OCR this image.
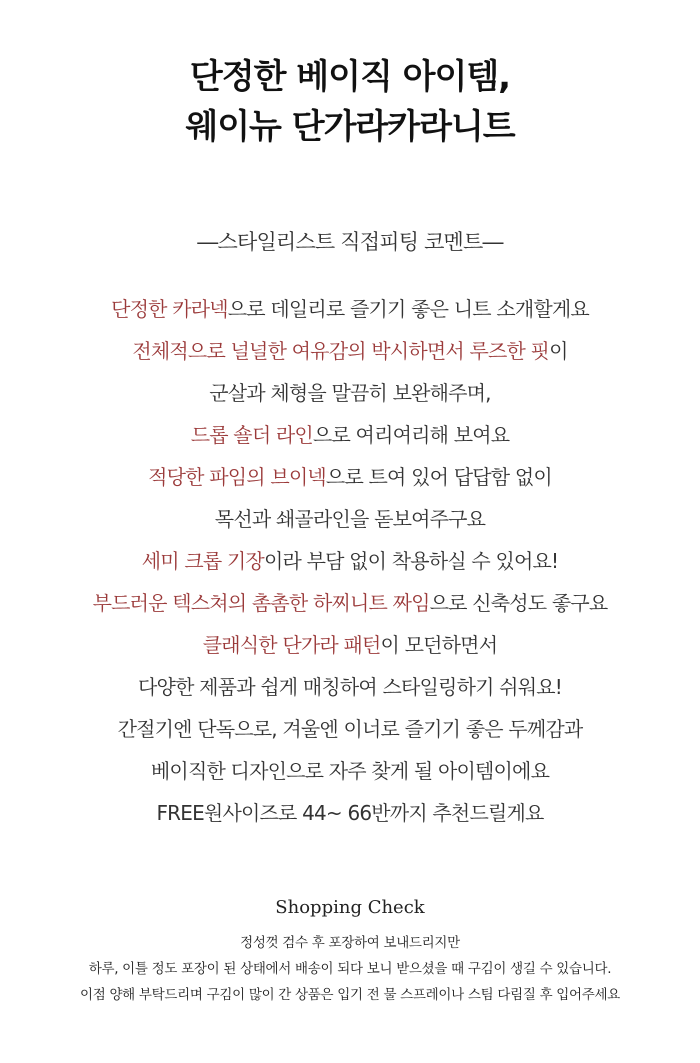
단정한 베이직 아이템,
웨이뉴 단가라카라니트
―스타일리스트 직접피팅 코멘트―
단정한 카라넥으로 데일리로 즐기기 좋은 니트 소개할게요
전체적으로 널널한 여유감의 박시하면서 루즈한 핏이
군살과 체형을 말끔히 보완해주며,
드롭 숄더 라인으로 여리여리해 보여요
적당한 파임의 브이넥으로 트여 있어 답답함 없이
목선과 쇄골라인을 돋보여주구요
세미 크롭 기장이라 부담 없이 착용하실 수 있어요!
부드러운 텍스쳐의 촘촘한 하찌니트 짜임으로 신축성도 좋구요
클래식한 단가라 패턴이 모던하면서
다양한 제품과 쉽게 매칭하여 스타일링하기 쉬워요!
간절기엔 단독으로, 겨울엔 이너로 즐기기 좋은 두께감과
베이직한 디자인으로 자주 찾게 될 아이템이에요
FREE원사이즈로 44~ 66반까지 추천드릴게요
Shopping Check
정성껏 검수 후 포장하여 보내드리지만
하루, 이틀 정도 포장이 된 상태에서 배송이 되다 보니 받으셨을 때 구김이 생길 수 있습니다.
이점 양해 부탁드리며 구김이 많이 간 상품은 입기 전 물 스프레이나 스팀 다림질 후 입어주세요
